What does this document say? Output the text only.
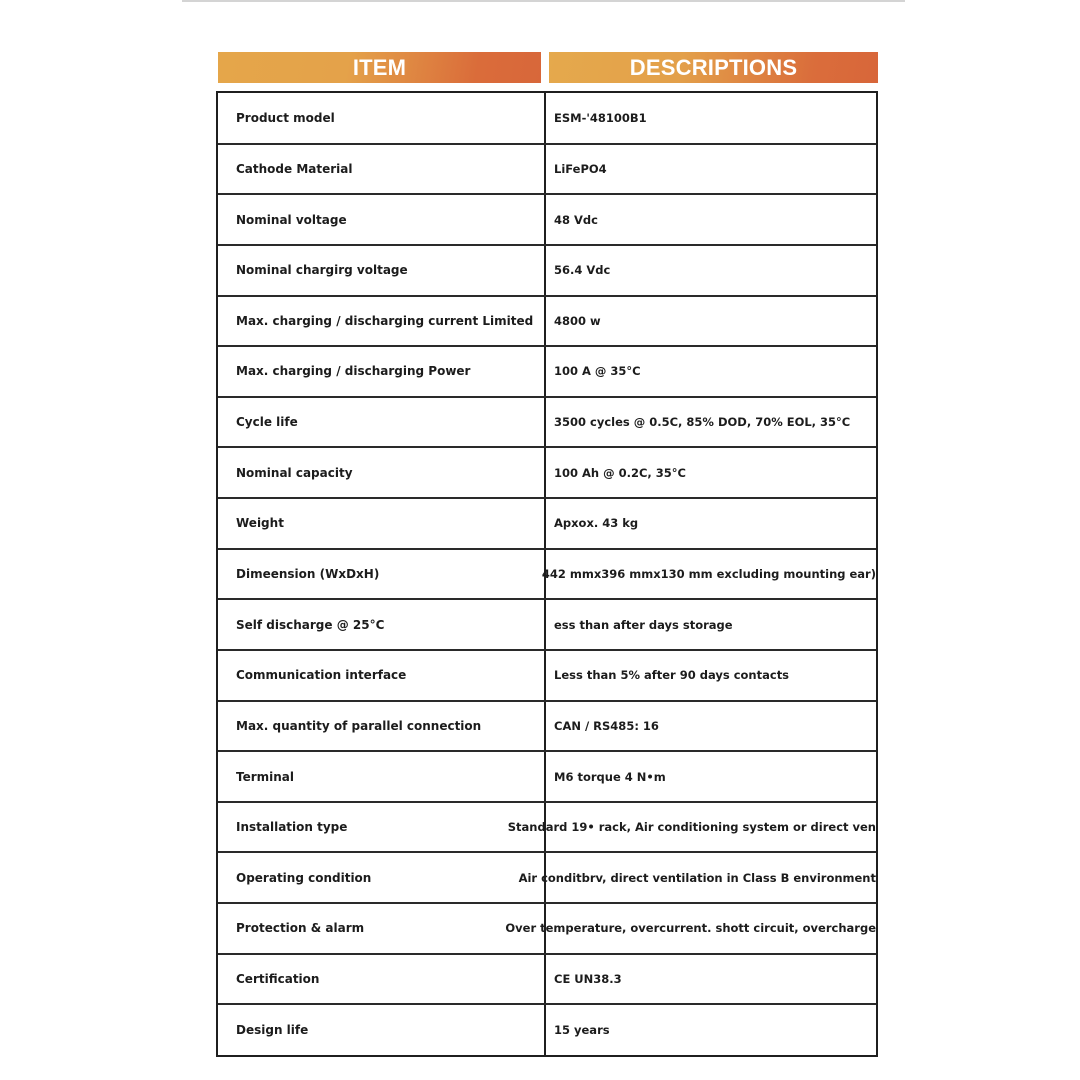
ITEM	DESCRIPTIONS
Product model	ESM-'48100B1
Cathode Material	LiFePO4
Nominal voltage	48 Vdc
Nominal chargirg voltage	56.4 Vdc
Max. charging / discharging current Limited	4800 w
Max. charging / discharging Power	100 A @ 35°C
Cycle life	3500 cycles @ 0.5C, 85% DOD, 70% EOL, 35°C
Nominal capacity	100 Ah @ 0.2C, 35°C
Weight	Apxox. 43 kg
Dimeension (WxDxH)	442 mmx396 mmx130 mm excluding mounting ear)
Self discharge @ 25°C	ess than after days storage
Communication interface	Less than 5% after 90 days contacts
Max. quantity of parallel connection	CAN / RS485: 16
Terminal	M6 torque 4 N•m
Installation type	Standard 19• rack, Air conditioning system or direct ven
Operating condition	Air conditbrv, direct ventilation in Class B environment
Protection & alarm	Over temperature, overcurrent. shott circuit, overcharge
Certification	CE UN38.3
Design life	15 years
